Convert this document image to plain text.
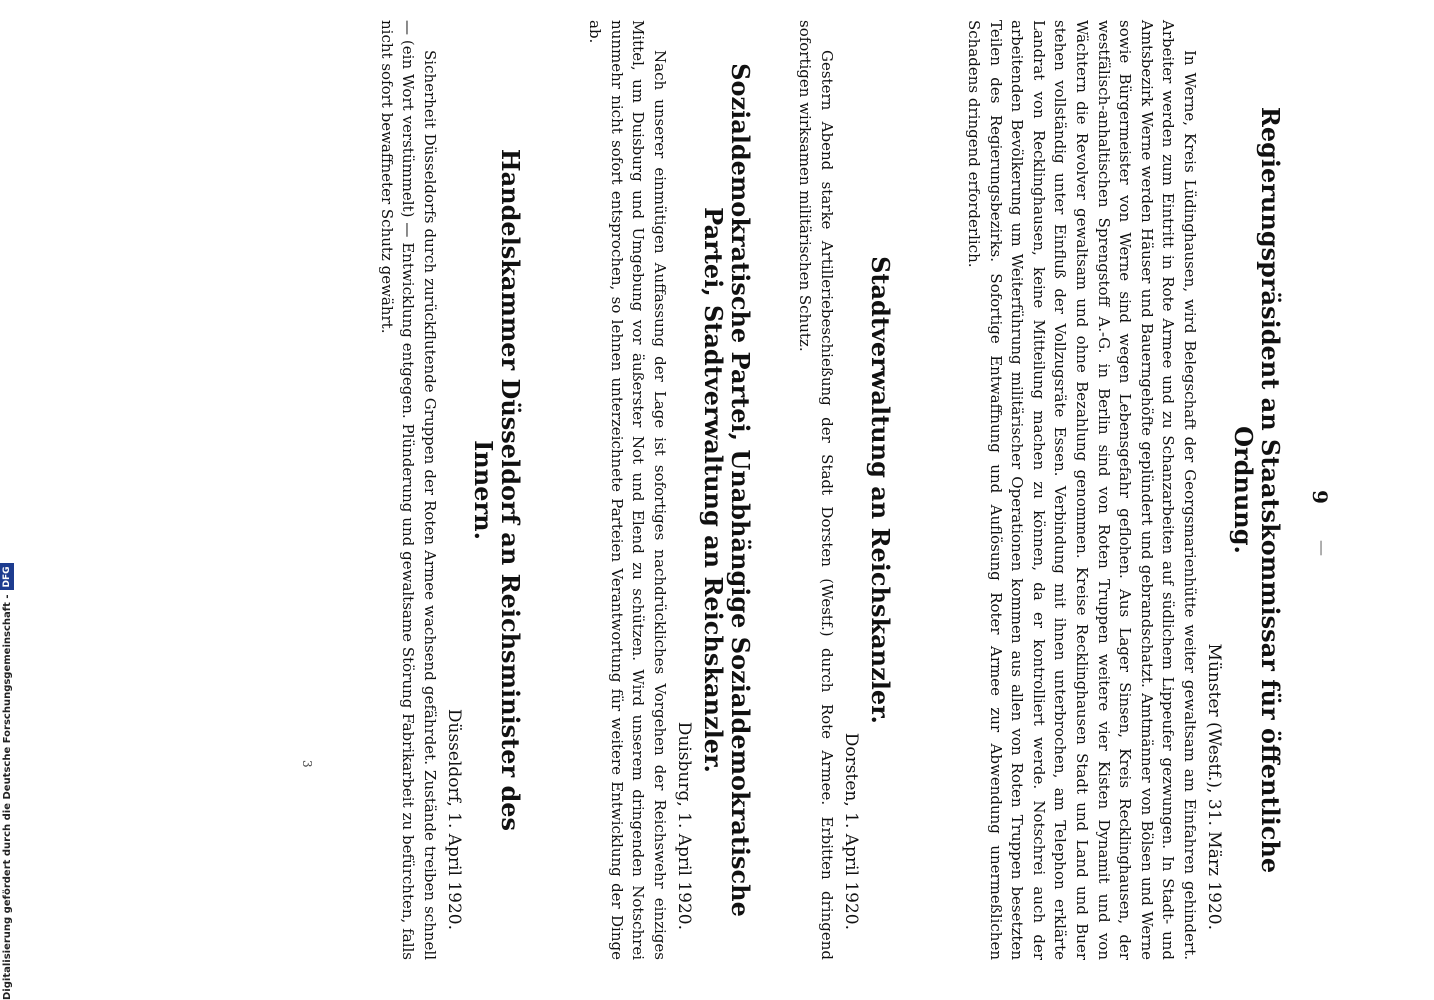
9
—
Regierungspräsident an Staatskommissar für öffentliche Ordnung.
Münster (Westf.), 31. März 1920.

In Werne, Kreis Lüdinghausen, wird Belegschaft der Georgsmarienhütte weiter gewaltsam am Einfahren gehindert. Arbeiter werden zum Eintritt in Rote Armee und zu Schanzarbeiten auf südlichem Lippeufer gezwungen. In Stadt- und Amtsbezirk Werne werden Häuser und Bauerngehöfte geplündert und gebrandschatzt. Amtmänner von Bölsen und Werne sowie Bürgermeister von Werne sind wegen Lebensgefahr geflohen. Aus Lager Sinsen, Kreis Recklinghausen, der westfälisch-anhaltischen Sprengstoff A.-G. in Berlin sind von Roten Truppen weitere vier Kisten Dynamit und von Wächtern die Revolver gewaltsam und ohne Bezahlung genommen. Kreise Recklinghausen Stadt und Land und Buer stehen vollständig unter Einfluß der Vollzugsräte Essen. Verbindung mit ihnen unterbrochen, am Telephon erklärte Landrat von Recklinghausen, keine Mitteilung machen zu können, da er kontrolliert werde. Notschrei auch der arbeitenden Bevölkerung um Weiterführung militärischer Operationen kommen aus allen von Roten Truppen besetzten Teilen des Regierungsbezirks. Sofortige Entwaffnung und Auflösung Roter Armee zur Abwendung unermeßlichen Schadens dringend erforderlich.

Stadtverwaltung an Reichskanzler.
Dorsten, 1. April 1920.

Gestern Abend starke Artilleriebeschießung der Stadt Dorsten (Westf.) durch Rote Armee. Erbitten dringend sofortigen wirksamen militärischen Schutz.

Sozialdemokratische Partei, Unabhängige Sozialdemokratische Partei, Stadtverwaltung an Reichskanzler.
Duisburg, 1. April 1920.

Nach unserer einmütigen Auffassung der Lage ist sofortiges nachdrückliches Vorgehen der Reichswehr einziges Mittel, um Duisburg und Umgebung vor äußerster Not und Elend zu schützen. Wird unserem dringenden Notschrei nunmehr nicht sofort entsprochen, so lehnen unterzeichnete Parteien Verantwortung für weitere Entwicklung der Dinge ab.

Handelskammer Düsseldorf an Reichsminister des Innern.
Düsseldorf, 1. April 1920.

Sicherheit Düsseldorfs durch zurückflutende Gruppen der Roten Armee wachsend gefährdet. Zustände treiben schnell — (ein Wort verstümmelt) — Entwicklung entgegen. Plünderung und gewaltsame Störung Fabrikarbeit zu befürchten, falls nicht sofort bewaffneter Schutz gewährt.

3
Digitalisierung gefördert durch die Deutsche Forschungsgemeinschaft -DFG
